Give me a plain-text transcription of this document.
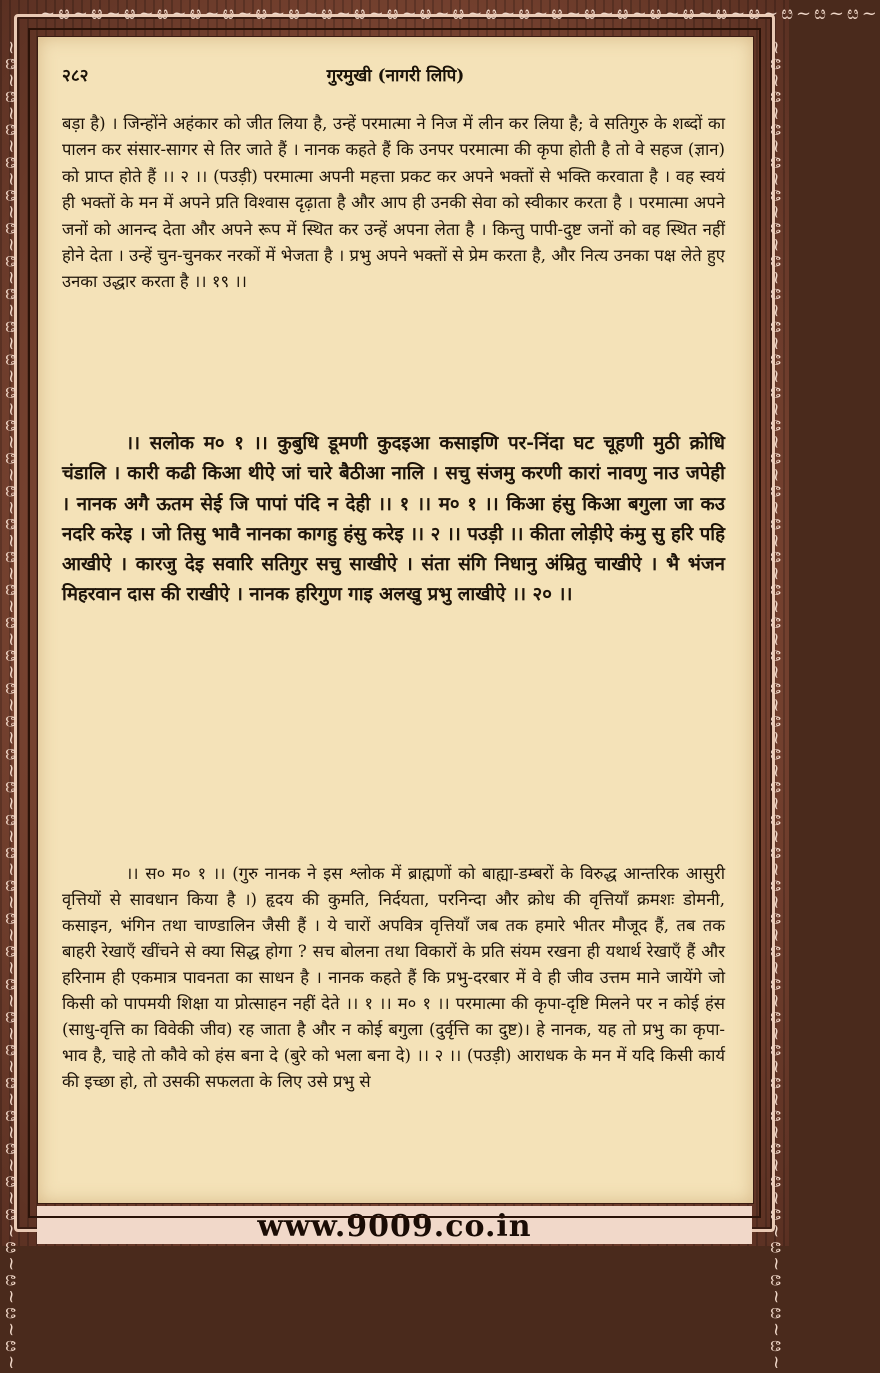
~ೞ~ೞ~ೞ~ೞ~ೞ~ೞ~ೞ~ೞ~ೞ~ೞ~ೞ~ೞ~ೞ~ೞ~ೞ~ೞ~ೞ~ೞ~ೞ~ೞ~ೞ~ೞ~ೞ~ೞ~ೞ~
~ೞ~ೞ~ೞ~ೞ~ೞ~ೞ~ೞ~ೞ~ೞ~ೞ~ೞ~ೞ~ೞ~ೞ~ೞ~ೞ~ೞ~ೞ~ೞ~ೞ~ೞ~ೞ~ೞ~ೞ~ೞ~ೞ~ೞ~ೞ~ೞ~ೞ~ೞ~ೞ~ೞ~ೞ~ೞ~ೞ~ೞ~ೞ~ೞ~ೞ~	~ೞ~ೞ~ೞ~ೞ~ೞ~ೞ~ೞ~ೞ~ೞ~ೞ~ೞ~ೞ~ೞ~ೞ~ೞ~ೞ~ೞ~ೞ~ೞ~ೞ~ೞ~ೞ~ೞ~ೞ~ೞ~ೞ~ೞ~ೞ~ೞ~ೞ~ೞ~ೞ~ೞ~ೞ~ೞ~ೞ~ೞ~ೞ~ೞ~ೞ~
२८२	गुरमुखी (नागरी लिपि)
बड़ा है) । जिन्होंने अहंकार को जीत लिया है, उन्हें परमात्मा ने निज में लीन कर लिया है; वे सतिगुरु के शब्दों का पालन कर संसार-सागर से तिर जाते हैं । नानक कहते हैं कि उनपर परमात्मा की कृपा होती है तो वे सहज (ज्ञान) को प्राप्त होते हैं ।। २ ।। (पउड़ी) परमात्मा अपनी महत्ता प्रकट कर अपने भक्तों से भक्ति करवाता है । वह स्वयं ही भक्तों के मन में अपने प्रति विश्वास दृढ़ाता है और आप ही उनकी सेवा को स्वीकार करता है । परमात्मा अपने जनों को आनन्द देता और अपने रूप में स्थित कर उन्हें अपना लेता है । किन्तु पापी-दुष्ट जनों को वह स्थित नहीं होने देता । उन्हें चुन-चुनकर नरकों में भेजता है । प्रभु अपने भक्तों से प्रेम करता है, और नित्य उनका पक्ष लेते हुए उनका उद्धार करता है ।। १९ ।।
।। सलोक म० १ ।। कुबुधि डूमणी कुदइआ कसाइणि पर-निंदा घट चूहणी मुठी क्रोधि चंडालि । कारी कढी किआ थीऐ जां चारे बैठीआ नालि । सचु संजमु करणी कारां नावणु नाउ जपेही । नानक अगै ऊतम सेई जि पापां पंदि न देही ।। १ ।। म० १ ।। किआ हंसु किआ बगुला जा कउ नदरि करेइ । जो तिसु भावै नानका कागहु हंसु करेइ ।। २ ।। पउड़ी ।। कीता लोड़ीऐ कंमु सु हरि पहि आखीऐ । कारजु देइ सवारि सतिगुर सचु साखीऐ । संता संगि निधानु अंम्रितु चाखीऐ । भै भंजन मिहरवान दास की राखीऐ । नानक हरिगुण गाइ अलखु प्रभु लाखीऐ ।। २० ।।
।। स० म० १ ।। (गुरु नानक ने इस श्लोक में ब्राह्मणों को बाह्या-डम्बरों के विरुद्ध आन्तरिक आसुरी वृत्तियों से सावधान किया है ।) हृदय की कुमति, निर्दयता, परनिन्दा और क्रोध की वृत्तियाँ क्रमशः डोमनी, कसाइन, भंगिन तथा चाण्डालिन जैसी हैं । ये चारों अपवित्र वृत्तियाँ जब तक हमारे भीतर मौजूद हैं, तब तक बाहरी रेखाएँ खींचने से क्या सिद्ध होगा ? सच बोलना तथा विकारों के प्रति संयम रखना ही यथार्थ रेखाएँ हैं और हरिनाम ही एकमात्र पावनता का साधन है । नानक कहते हैं कि प्रभु-दरबार में वे ही जीव उत्तम माने जायेंगे जो किसी को पापमयी शिक्षा या प्रोत्साहन नहीं देते ।। १ ।। म० १ ।। परमात्मा की कृपा-दृष्टि मिलने पर न कोई हंस (साधु-वृत्ति का विवेकी जीव) रह जाता है और न कोई बगुला (दुर्वृत्ति का दुष्ट)। हे नानक, यह तो प्रभु का कृपा-भाव है, चाहे तो कौवे को हंस बना दे (बुरे को भला बना दे) ।। २ ।। (पउड़ी) आराधक के मन में यदि किसी कार्य की इच्छा हो, तो उसकी सफलता के लिए उसे प्रभु से
www.9009.co.in
